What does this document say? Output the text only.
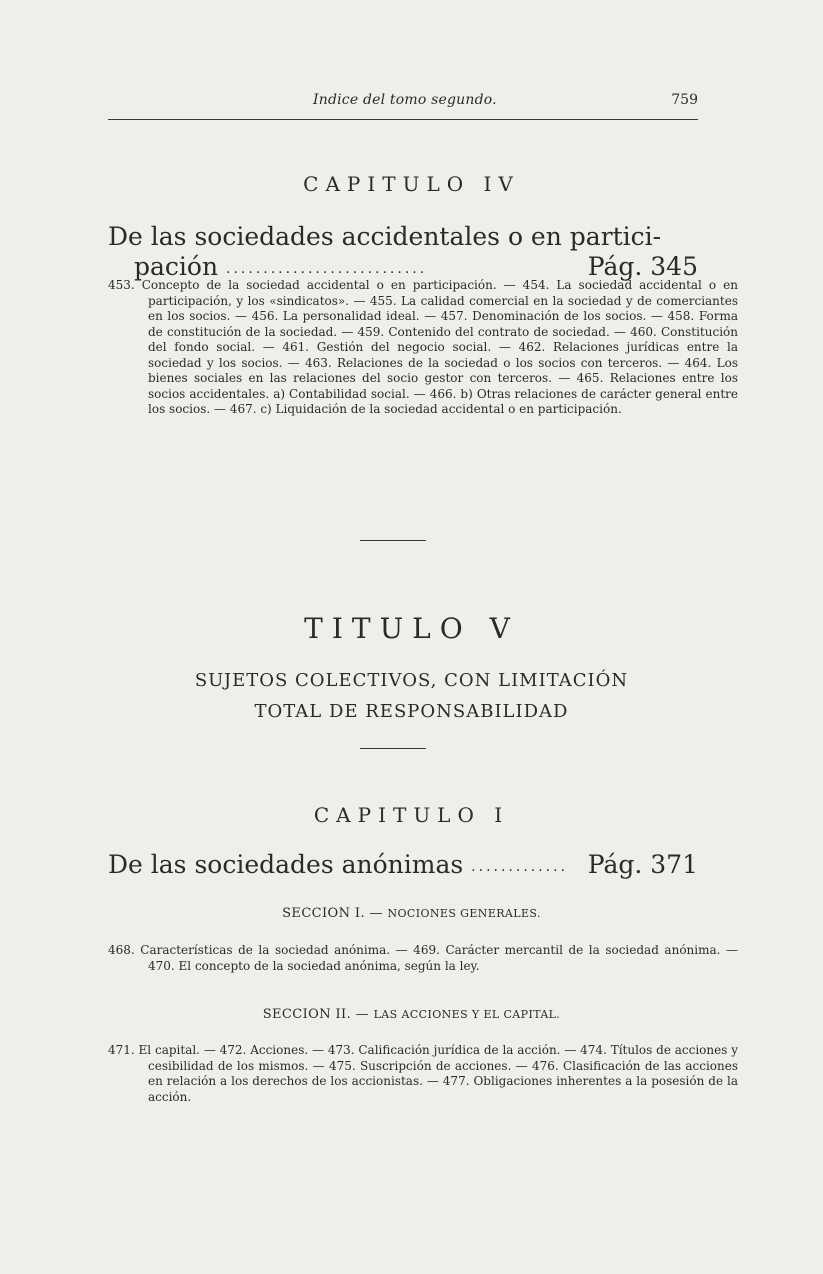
Indice del tomo segundo.	759
CAPITULO IV
De las sociedades accidentales o en partici-
pación ...........................	Pág. 345

453. Concepto de la sociedad accidental o en participación. — 454. La sociedad accidental o en participación, y los «sindicatos». — 455. La calidad comercial en la sociedad y de comerciantes en los socios. — 456. La personalidad ideal. — 457. Denominación de los socios. — 458. Forma de constitución de la sociedad. — 459. Contenido del contrato de sociedad. — 460. Constitución del fondo social. — 461. Gestión del negocio social. — 462. Relaciones jurídicas entre la sociedad y los socios. — 463. Relaciones de la sociedad o los socios con terceros. — 464. Los bienes sociales en las relaciones del socio gestor con terceros. — 465. Relaciones entre los socios accidentales. a) Contabilidad social. — 466. b) Otras relaciones de carácter general entre los socios. — 467. c) Liquidación de la sociedad accidental o en participación.

TITULO V
SUJETOS COLECTIVOS, CON LIMITACIÓN
TOTAL DE RESPONSABILIDAD
CAPITULO I
De las sociedades anónimas ............. Pág. 371
SECCION I. — NOCIONES GENERALES.

468. Características de la sociedad anónima. — 469. Carácter mercantil de la sociedad anónima. — 470. El concepto de la sociedad anónima, según la ley.

SECCION II. — LAS ACCIONES Y EL CAPITAL.

471. El capital. — 472. Acciones. — 473. Calificación jurídica de la acción. — 474. Títulos de acciones y cesibilidad de los mismos. — 475. Suscripción de acciones. — 476. Clasificación de las acciones en relación a los derechos de los accionistas. — 477. Obligaciones inherentes a la posesión de la acción.
